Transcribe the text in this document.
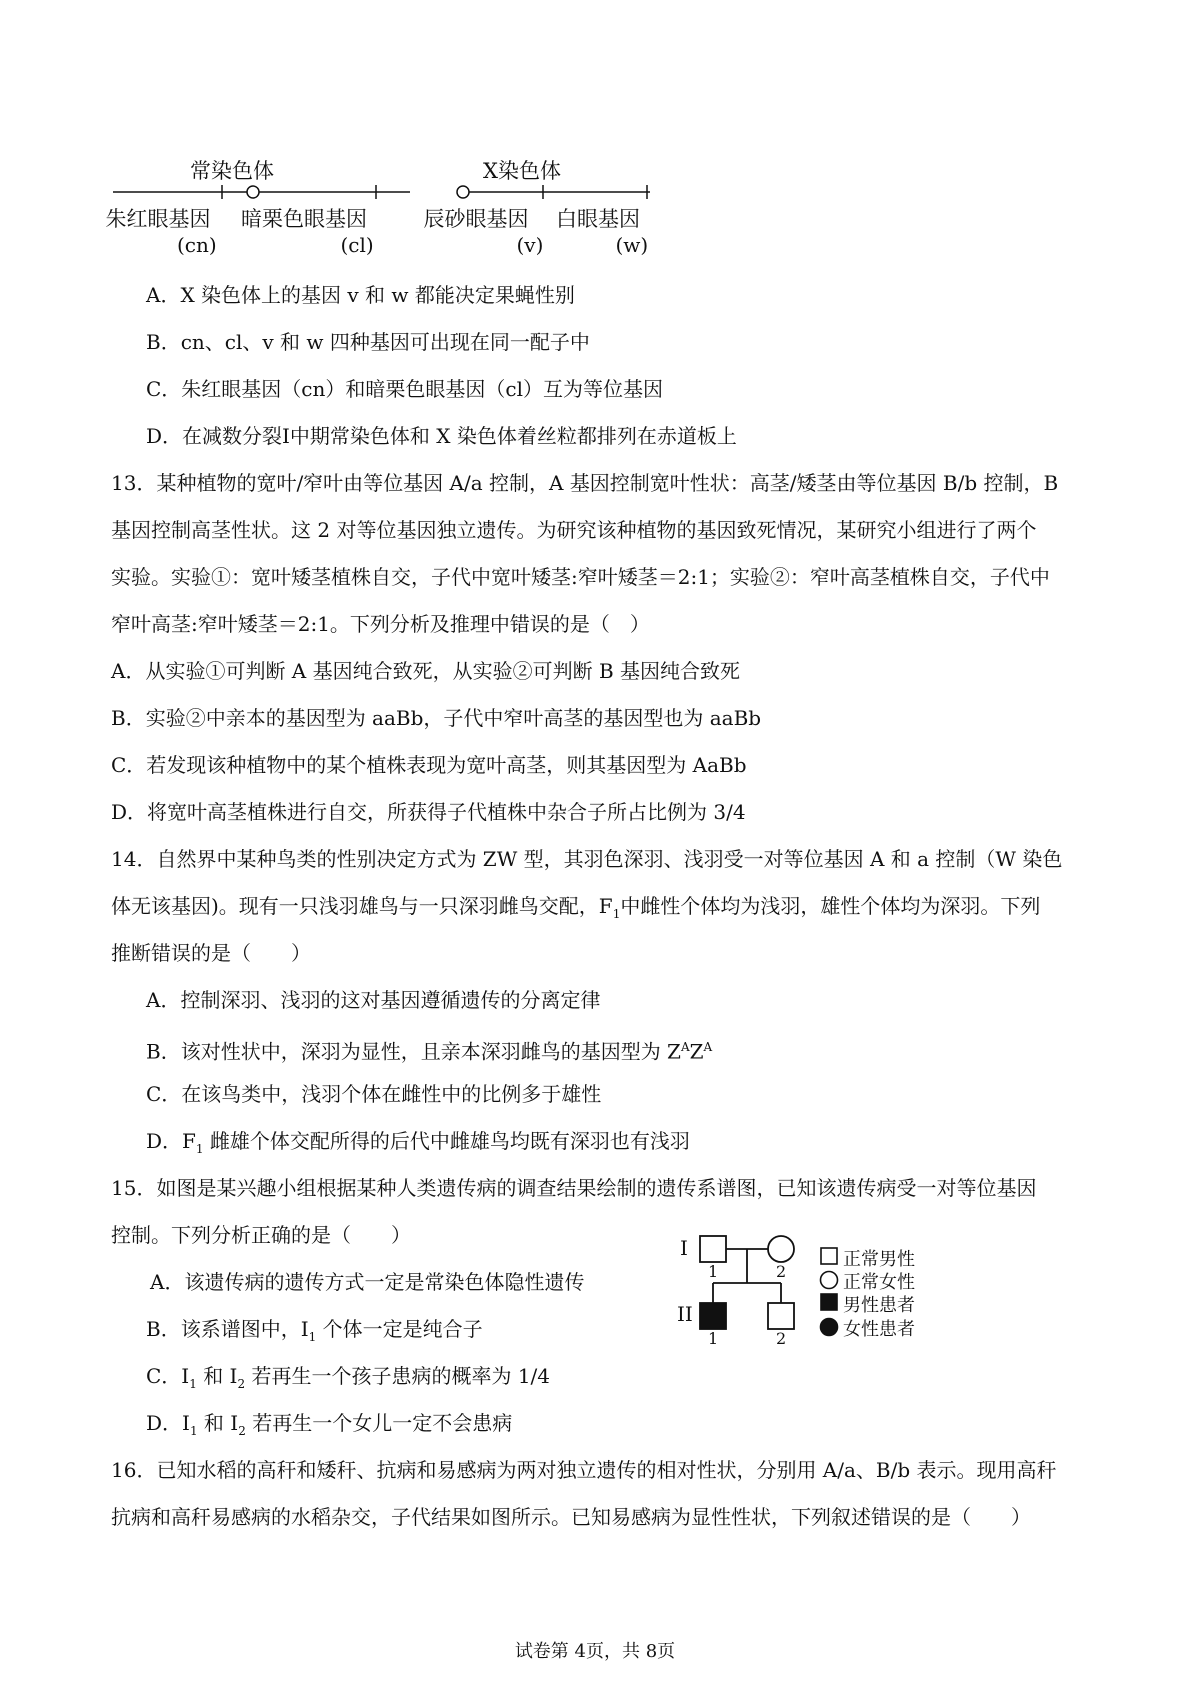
常染色体	X染色体
朱红眼基因 暗栗色眼基因	辰砂眼基因 白眼基因
(cn)	(cl)	(v)	(w)
A．X 染色体上的基因 v 和 w 都能决定果蝇性别
B．cn、cl、v 和 w 四种基因可出现在同一配子中
C．朱红眼基因（cn）和暗栗色眼基因（cl）互为等位基因
D．在减数分裂Ⅰ中期常染色体和 X 染色体着丝粒都排列在赤道板上
13．某种植物的宽叶/窄叶由等位基因 A/a 控制，A 基因控制宽叶性状：高茎/矮茎由等位基因 B/b 控制，B
基因控制高茎性状。这 2 对等位基因独立遗传。为研究该种植物的基因致死情况，某研究小组进行了两个
实验。实验①：宽叶矮茎植株自交，子代中宽叶矮茎:窄叶矮茎＝2:1；实验②：窄叶高茎植株自交，子代中
窄叶高茎:窄叶矮茎＝2:1。下列分析及推理中错误的是（　）
A．从实验①可判断 A 基因纯合致死，从实验②可判断 B 基因纯合致死
B．实验②中亲本的基因型为 aaBb，子代中窄叶高茎的基因型也为 aaBb
C．若发现该种植物中的某个植株表现为宽叶高茎，则其基因型为 AaBb
D．将宽叶高茎植株进行自交，所获得子代植株中杂合子所占比例为 3/4
14．自然界中某种鸟类的性别决定方式为 ZW 型，其羽色深羽、浅羽受一对等位基因 A 和 a 控制（W 染色
体无该基因)。现有一只浅羽雄鸟与一只深羽雌鸟交配，$F_1$中雌性个体均为浅羽，雄性个体均为深羽。下列
推断错误的是（　　）
A．控制深羽、浅羽的这对基因遵循遗传的分离定律
B．该对性状中，深羽为显性，且亲本深羽雌鸟的基因型为 $Z^AZ^A$
C．在该鸟类中，浅羽个体在雌性中的比例多于雄性
D．$F_1$ 雌雄个体交配所得的后代中雌雄鸟均既有深羽也有浅羽
15．如图是某兴趣小组根据某种人类遗传病的调查结果绘制的遗传系谱图，已知该遗传病受一对等位基因
控制。下列分析正确的是（　　）
A．该遗传病的遗传方式一定是常染色体隐性遗传
B．该系谱图中，$I_1$ 个体一定是纯合子
C．$I_1$ 和 $I_2$ 若再生一个孩子患病的概率为 1/4
D．$I_1$ 和 $I_2$ 若再生一个女儿一定不会患病
I
II
1	2
1	2
正常男性
正常女性
男性患者
女性患者
16．已知水稻的高秆和矮秆、抗病和易感病为两对独立遗传的相对性状，分别用 A/a、B/b 表示。现用高秆
抗病和高秆易感病的水稻杂交，子代结果如图所示。已知易感病为显性性状，下列叙述错误的是（　　）
试卷第 4页，共 8页
